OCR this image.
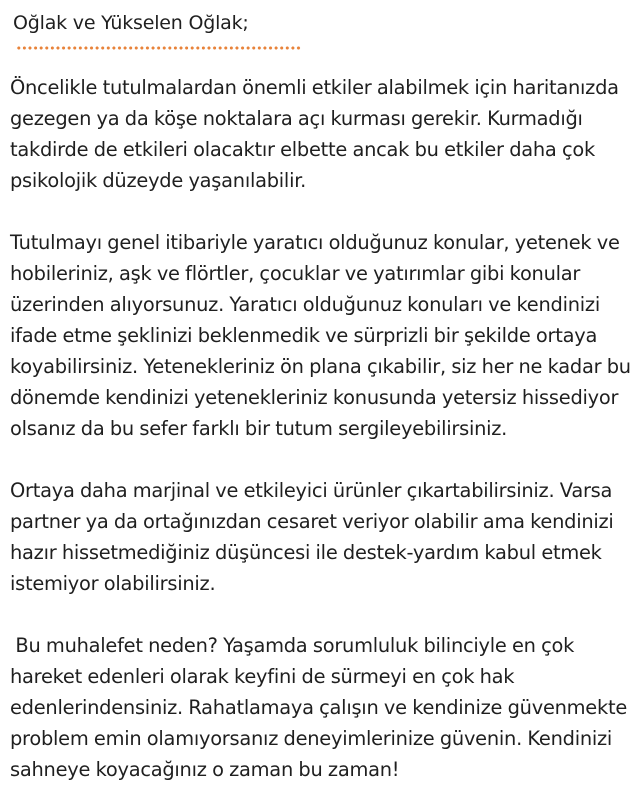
Oğlak ve Yükselen Oğlak;

Öncelikle tutulmalardan önemli etkiler alabilmek için haritanızda gezegen ya da köşe noktalara açı kurması gerekir. Kurmadığı takdirde de etkileri olacaktır elbette ancak bu etkiler daha çok psikolojik düzeyde yaşanılabilir.

Tutulmayı genel itibariyle yaratıcı olduğunuz konular, yetenek ve hobileriniz, aşk ve flörtler, çocuklar ve yatırımlar gibi konular üzerinden alıyorsunuz. Yaratıcı olduğunuz konuları ve kendinizi ifade etme şeklinizi beklenmedik ve sürprizli bir şekilde ortaya koyabilirsiniz. Yetenekleriniz ön plana çıkabilir, siz her ne kadar bu dönemde kendinizi yetenekleriniz konusunda yetersiz hissediyor olsanız da bu sefer farklı bir tutum sergileyebilirsiniz.

Ortaya daha marjinal ve etkileyici ürünler çıkartabilirsiniz. Varsa partner ya da ortağınızdan cesaret veriyor olabilir ama kendinizi hazır hissetmediğiniz düşüncesi ile destek-yardım kabul etmek istemiyor olabilirsiniz.

Bu muhalefet neden? Yaşamda sorumluluk bilinciyle en çok hareket edenleri olarak keyfini de sürmeyi en çok hak edenlerindensiniz. Rahatlamaya çalışın ve kendinize güvenmekte problem emin olamıyorsanız deneyimlerinize güvenin. Kendinizi sahneye koyacağınız o zaman bu zaman!
